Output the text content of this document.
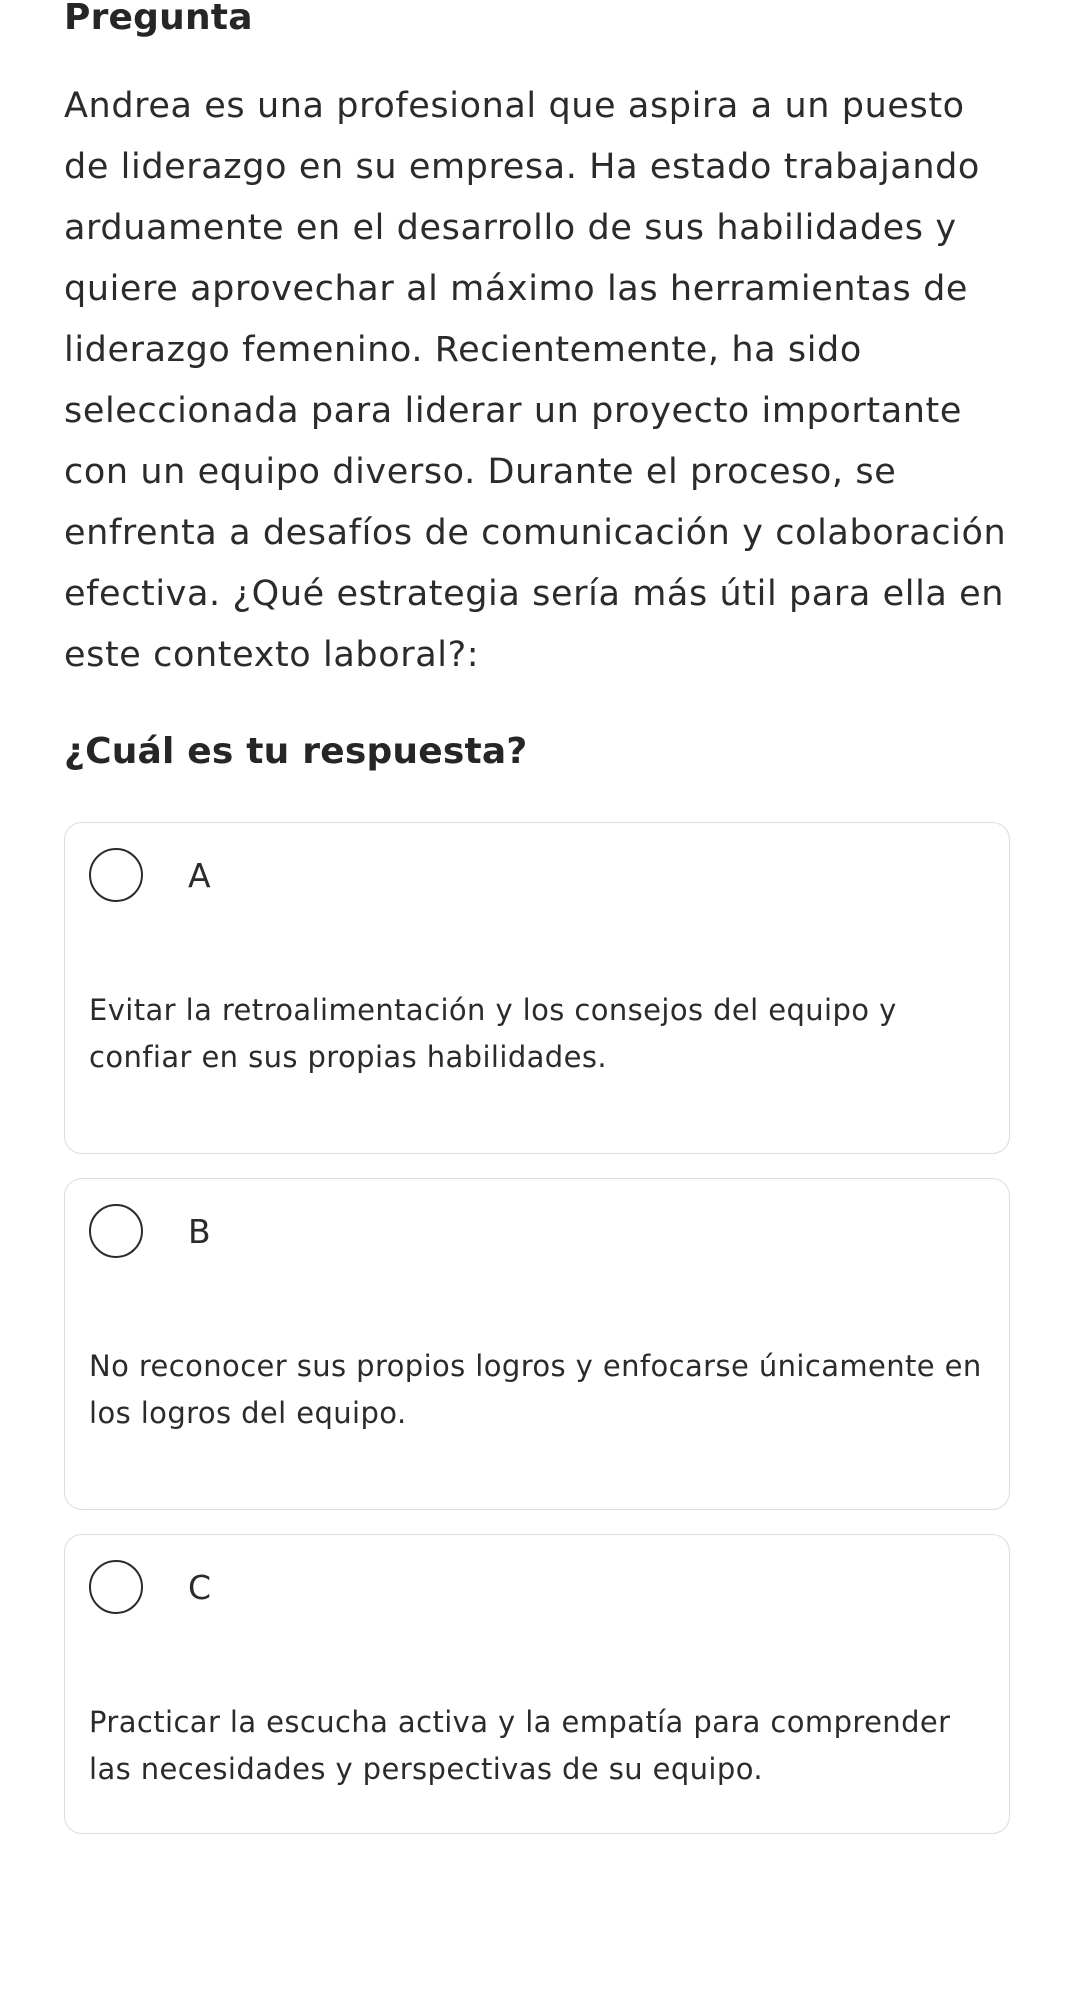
Pregunta
Andrea es una profesional que aspira a un puesto de liderazgo en su empresa. Ha estado trabajando arduamente en el desarrollo de sus habilidades y quiere aprovechar al máximo las herramientas de liderazgo femenino. Recientemente, ha sido seleccionada para liderar un proyecto importante con un equipo diverso. Durante el proceso, se enfrenta a desafíos de comunicación y colaboración efectiva. ¿Qué estrategia sería más útil para ella en este contexto laboral?:
¿Cuál es tu respuesta?
A
Evitar la retroalimentación y los consejos del equipo y confiar en sus propias habilidades.
B
No reconocer sus propios logros y enfocarse únicamente en los logros del equipo.
C
Practicar la escucha activa y la empatía para comprender las necesidades y perspectivas de su equipo.
